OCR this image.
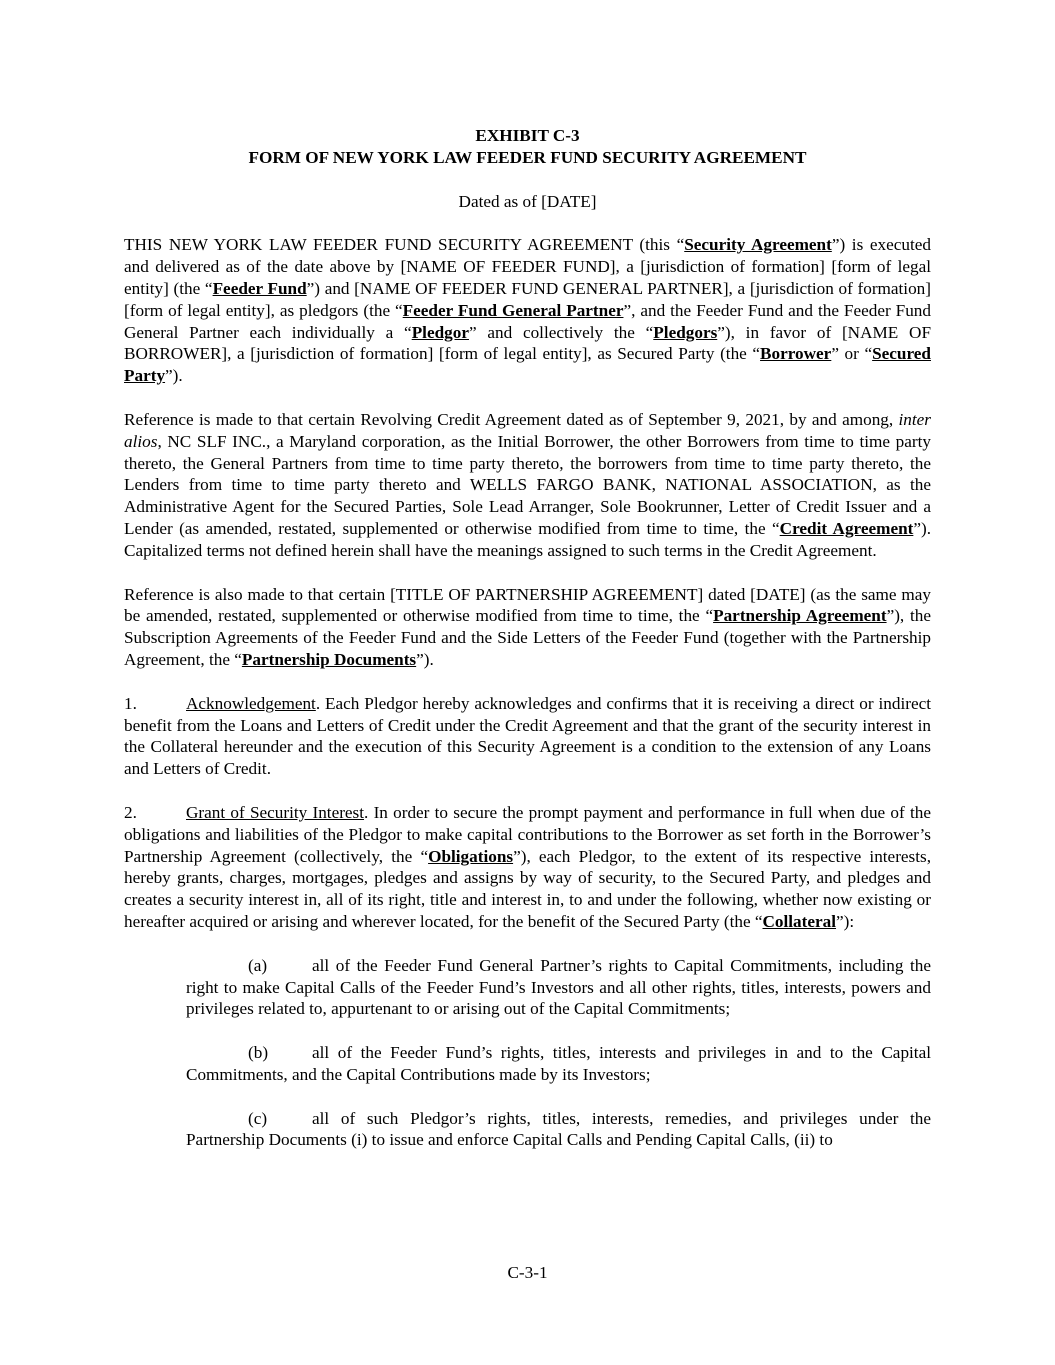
EXHIBIT C-3

FORM OF NEW YORK LAW FEEDER FUND SECURITY AGREEMENT

Dated as of [DATE]

THIS NEW YORK LAW FEEDER FUND SECURITY AGREEMENT (this “Security Agreement”) is executed and delivered as of the date above by [NAME OF FEEDER FUND], a [jurisdiction of formation] [form of legal entity] (the “Feeder Fund”) and [NAME OF FEEDER FUND GENERAL PARTNER], a [jurisdiction of formation] [form of legal entity], as pledgors (the “Feeder Fund General Partner”, and the Feeder Fund and the Feeder Fund General Partner each individually a “Pledgor” and collectively the “Pledgors”), in favor of [NAME OF BORROWER], a [jurisdiction of formation] [form of legal entity], as Secured Party (the “Borrower” or “Secured Party”).

Reference is made to that certain Revolving Credit Agreement dated as of September 9, 2021, by and among, inter alios, NC SLF INC., a Maryland corporation, as the Initial Borrower, the other Borrowers from time to time party thereto, the General Partners from time to time party thereto, the borrowers from time to time party thereto, the Lenders from time to time party thereto and WELLS FARGO BANK, NATIONAL ASSOCIATION, as the Administrative Agent for the Secured Parties, Sole Lead Arranger, Sole Bookrunner, Letter of Credit Issuer and a Lender (as amended, restated, supplemented or otherwise modified from time to time, the “Credit Agreement”). Capitalized terms not defined herein shall have the meanings assigned to such terms in the Credit Agreement.

Reference is also made to that certain [TITLE OF PARTNERSHIP AGREEMENT] dated [DATE] (as the same may be amended, restated, supplemented or otherwise modified from time to time, the “Partnership Agreement”), the Subscription Agreements of the Feeder Fund and the Side Letters of the Feeder Fund (together with the Partnership Agreement, the “Partnership Documents”).

1.	Acknowledgement. Each Pledgor hereby acknowledges and confirms that it is receiving a direct or indirect benefit from the Loans and Letters of Credit under the Credit Agreement and that the grant of the security interest in the Collateral hereunder and the execution of this Security Agreement is a condition to the extension of any Loans and Letters of Credit.

2.	Grant of Security Interest. In order to secure the prompt payment and performance in full when due of the obligations and liabilities of the Pledgor to make capital contributions to the Borrower as set forth in the Borrower’s Partnership Agreement (collectively, the “Obligations”), each Pledgor, to the extent of its respective interests, hereby grants, charges, mortgages, pledges and assigns by way of security, to the Secured Party, and pledges and creates a security interest in, all of its right, title and interest in, to and under the following, whether now existing or hereafter acquired or arising and wherever located, for the benefit of the Secured Party (the “Collateral”):

(a)	all of the Feeder Fund General Partner’s rights to Capital Commitments, including the right to make Capital Calls of the Feeder Fund’s Investors and all other rights, titles, interests, powers and privileges related to, appurtenant to or arising out of the Capital Commitments;

(b)	all of the Feeder Fund’s rights, titles, interests and privileges in and to the Capital Commitments, and the Capital Contributions made by its Investors;

(c)	all of such Pledgor’s rights, titles, interests, remedies, and privileges under the Partnership Documents (i) to issue and enforce Capital Calls and Pending Capital Calls, (ii) to

C-3-1
